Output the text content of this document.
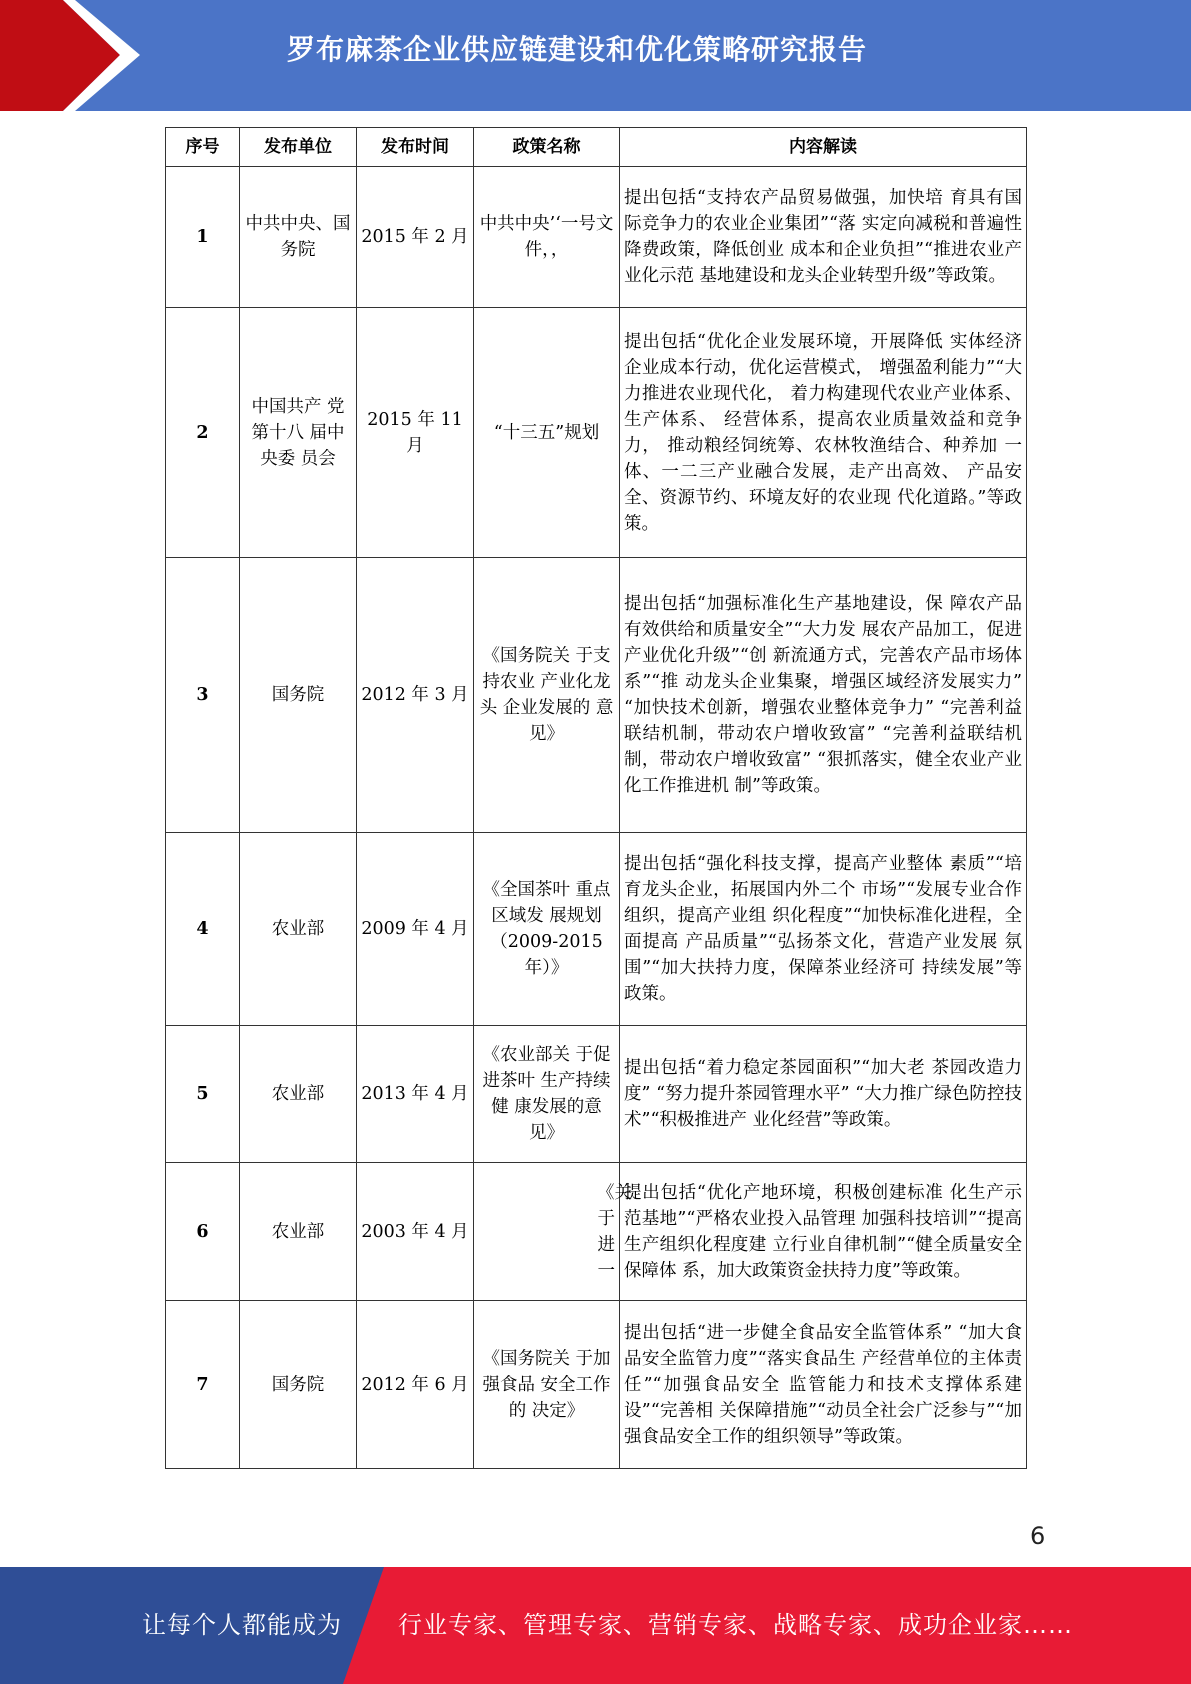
罗布麻茶企业供应链建设和优化策略研究报告
序号	发布单位	发布时间	政策名称	内容解读
1	中共中央、国务院	2015 年 2 月	中共中央’‘一号文件，，	提出包括“支持农产品贸易做强，加快培 育具有国际竞争力的农业企业集团”“落 实定向减税和普遍性降费政策，降低创业 成本和企业负担”“推进农业产业化示范 基地建设和龙头企业转型升级”等政策。
2	中国共产 党第十八 届中央委 员会	2015 年 11 月	“十三五”规划	提出包括“优化企业发展环境，开展降低 实体经济企业成本行动，优化运营模式， 增强盈利能力”“大力推进农业现代化， 着力构建现代农业产业体系、生产体系、 经营体系，提高农业质量效益和竞争力， 推动粮经饲统筹、农林牧渔结合、种养加 一体、一二三产业融合发展，走产出高效、 产品安全、资源节约、环境友好的农业现 代化道路。”等政策。
3	国务院	2012 年 3 月	《国务院关 于支持农业 产业化龙头 企业发展的 意见》	提出包括“加强标准化生产基地建设，保 障农产品有效供给和质量安全”“大力发 展农产品加工，促进产业优化升级”“创 新流通方式，完善农产品市场体系”“推 动龙头企业集聚，增强区域经济发展实力” “加快技术创新，增强农业整体竞争力” “完善利益联结机制，带动农户增收致富” “完善利益联结机制，带动农户增收致富” “狠抓落实，健全农业产业化工作推进机 制”等政策。
4	农业部	2009 年 4 月	《全国茶叶 重点区域发 展规划（2009-2015年）》	提出包括“强化科技支撑，提高产业整体 素质”“培育龙头企业，拓展国内外二个 市场”“发展专业合作组织，提高产业组 织化程度”“加快标准化进程，全面提高 产品质量”“弘扬茶文化，营造产业发展 氛围”“加大扶持力度，保障茶业经济可 持续发展”等政策。
5	农业部	2013 年 4 月	《农业部关 于促进茶叶 生产持续健 康发展的意 见》	提出包括“着力稳定茶园面积”“加大老 茶园改造力度” “努力提升茶园管理水平” “大力推广绿色防控技术”“积极推进产 业化经营”等政策。
6	农业部	2003 年 4 月	《关于进一	提出包括“优化产地环境，积极创建标准 化生产示范基地”“严格农业投入品管理 加强科技培训”“提高生产组织化程度建 立行业自律机制”“健全质量安全保障体 系，加大政策资金扶持力度”等政策。
7	国务院	2012 年 6 月	《国务院关 于加强食品 安全工作的 决定》	提出包括“进一步健全食品安全监管体系” “加大食品安全监管力度”“落实食品生 产经营单位的主体责任”“加强食品安全 监管能力和技术支撑体系建设”“完善相 关保障措施”“动员全社会广泛参与”“加 强食品安全工作的组织领导”等政策。
6
让每个人都能成为 行业专家、管理专家、营销专家、战略专家、成功企业家……
